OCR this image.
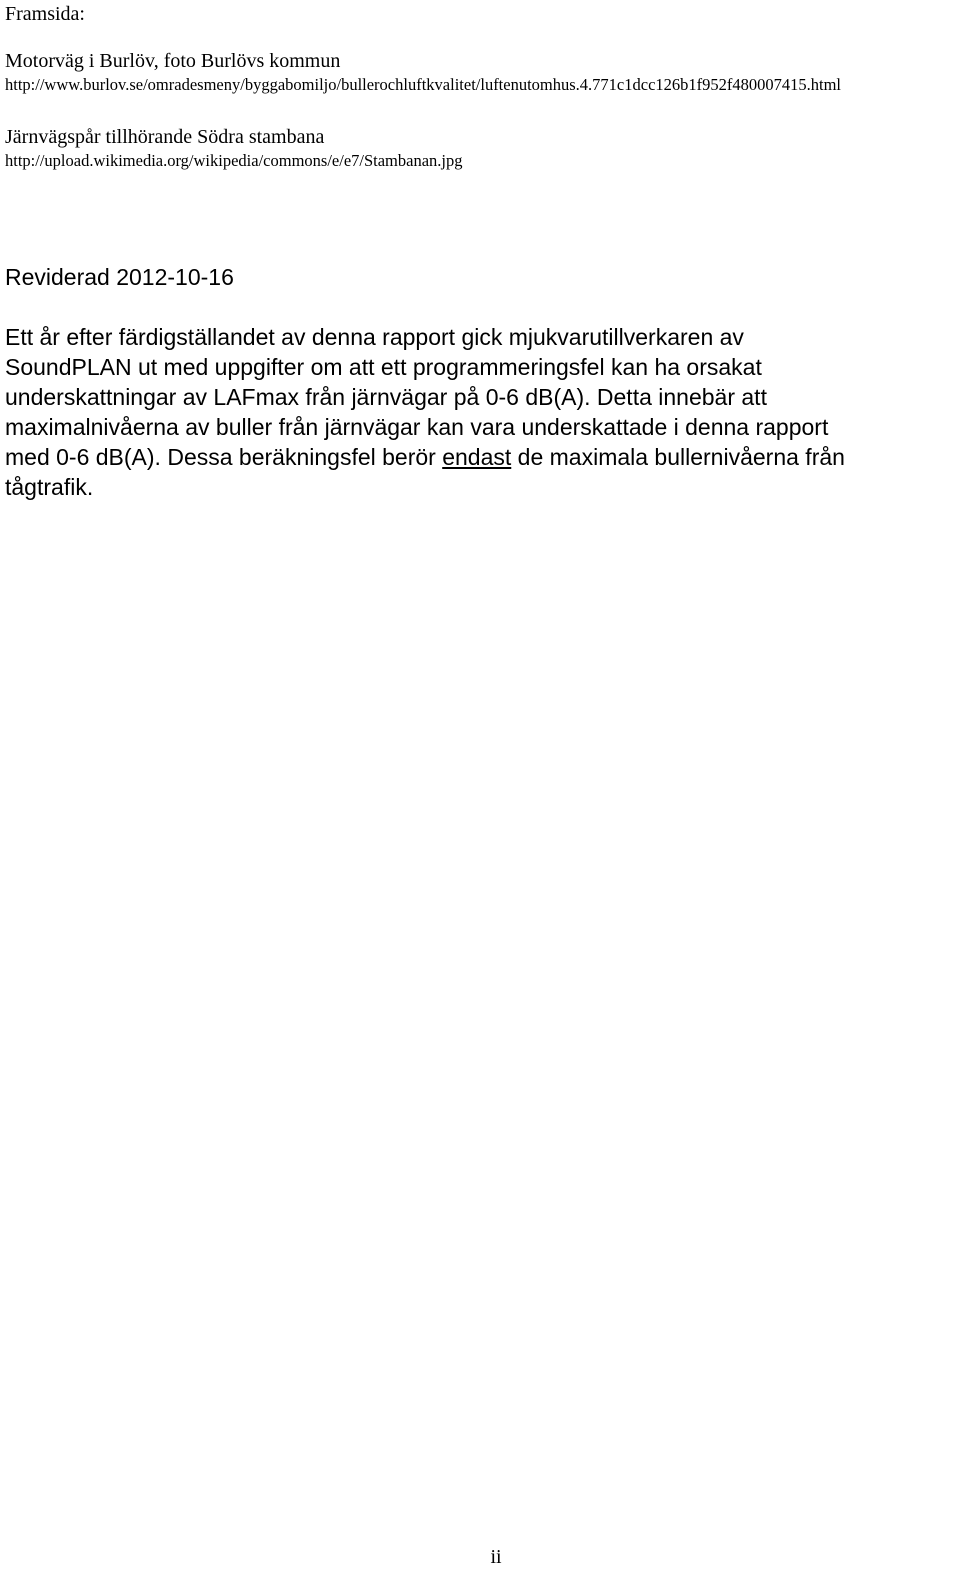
Framsida:
Motorväg i Burlöv, foto Burlövs kommun
http://www.burlov.se/omradesmeny/byggabomiljo/bullerochluftkvalitet/luftenutomhus.4.771c1dcc126b1f952f480007415.html
Järnvägspår tillhörande Södra stambana
http://upload.wikimedia.org/wikipedia/commons/e/e7/Stambanan.jpg
Reviderad 2012-10-16
Ett år efter färdigställandet av denna rapport gick mjukvarutillverkaren av
SoundPLAN ut med uppgifter om att ett programmeringsfel kan ha orsakat
underskattningar av LAFmax från järnvägar på 0-6 dB(A). Detta innebär att
maximalnivåerna av buller från järnvägar kan vara underskattade i denna rapport
med 0-6 dB(A). Dessa beräkningsfel berör endast de maximala bullernivåerna från
tågtrafik.
ii
